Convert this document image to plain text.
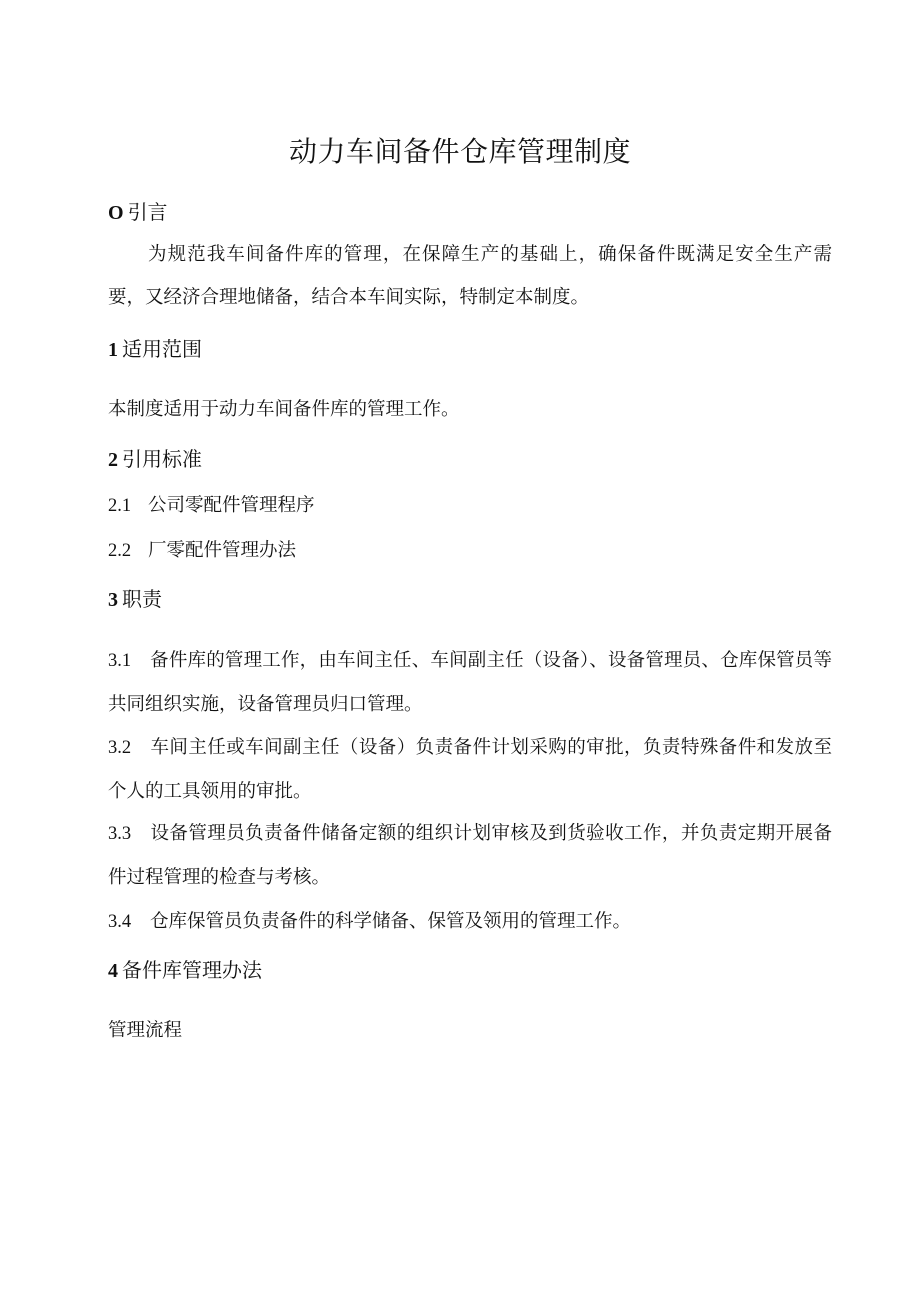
动力车间备件仓库管理制度
O 引言
为规范我车间备件库的管理，在保障生产的基础上，确保备件既满足安全生产需要，又经济合理地储备，结合本车间实际，特制定本制度。
1 适用范围
本制度适用于动力车间备件库的管理工作。
2 引用标准
2.1 公司零配件管理程序
2.2 厂零配件管理办法
3 职责
3.1 备件库的管理工作，由车间主任、车间副主任（设备）、设备管理员、仓库保管员等共同组织实施，设备管理员归口管理。
3.2 车间主任或车间副主任（设备）负责备件计划采购的审批，负责特殊备件和发放至个人的工具领用的审批。
3.3 设备管理员负责备件储备定额的组织计划审核及到货验收工作，并负责定期开展备件过程管理的检查与考核。
3.4 仓库保管员负责备件的科学储备、保管及领用的管理工作。
4 备件库管理办法
管理流程
